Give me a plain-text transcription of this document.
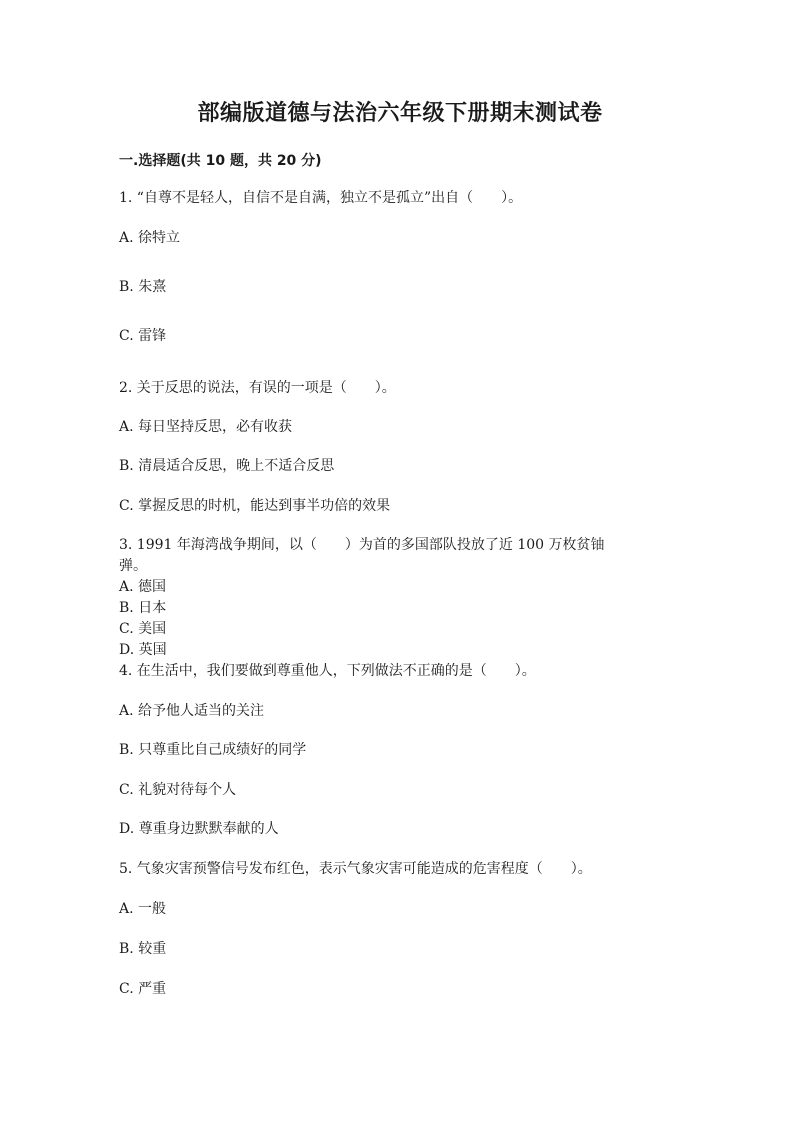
部编版道德与法治六年级下册期末测试卷
一.选择题(共 10 题，共 20 分)
1. “自尊不是轻人，自信不是自满，独立不是孤立”出自（　　）。
A. 徐特立
B. 朱熹
C. 雷锋
2. 关于反思的说法，有误的一项是（　　）。
A. 每日坚持反思，必有收获
B. 清晨适合反思，晚上不适合反思
C. 掌握反思的时机，能达到事半功倍的效果
3. 1991 年海湾战争期间，以（　　）为首的多国部队投放了近 100 万枚贫铀
弹。
A. 德国
B. 日本
C. 美国
D. 英国
4. 在生活中，我们要做到尊重他人，下列做法不正确的是（　　）。
A. 给予他人适当的关注
B. 只尊重比自己成绩好的同学
C. 礼貌对待每个人
D. 尊重身边默默奉献的人
5. 气象灾害预警信号发布红色，表示气象灾害可能造成的危害程度（　　）。
A. 一般
B. 较重
C. 严重
